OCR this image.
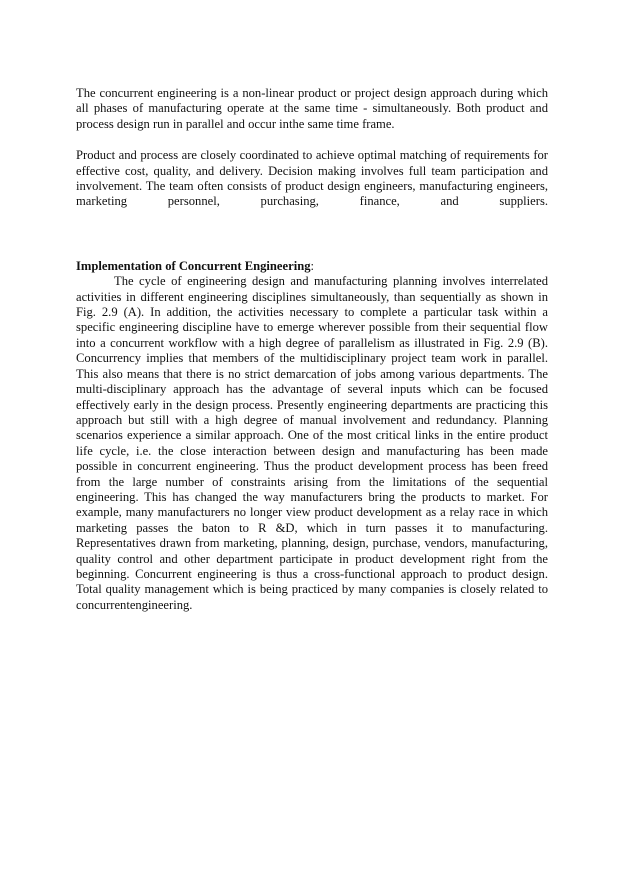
The concurrent engineering is a non-linear product or project design approach during which all phases of manufacturing operate at the same time - simultaneously. Both product and process design run in parallel and occur inthe same time frame.

Product and process are closely coordinated to achieve optimal matching of requirements for effective cost, quality, and delivery. Decision making involves full team participation and involvement. The team often consists of product design engineers, manufacturing engineers, marketing personnel, purchasing, finance, and suppliers.

Implementation of Concurrent Engineering:

The cycle of engineering design and manufacturing planning involves interrelated activities in different engineering disciplines simultaneously, than sequentially as shown in Fig. 2.9 (A). In addition, the activities necessary to complete a particular task within a specific engineering discipline have to emerge wherever possible from their sequential flow into a concurrent workflow with a high degree of parallelism as illustrated in Fig. 2.9 (B). Concurrency implies that members of the multidisciplinary project team work in parallel. This also means that there is no strict demarcation of jobs among various departments. The multi-disciplinary approach has the advantage of several inputs which can be focused effectively early in the design process. Presently engineering departments are practicing this approach but still with a high degree of manual involvement and redundancy. Planning scenarios experience a similar approach. One of the most critical links in the entire product life cycle, i.e. the close interaction between design and manufacturing has been made possible in concurrent engineering. Thus the product development process has been freed from the large number of constraints arising from the limitations of the sequential engineering. This has changed the way manufacturers bring the products to market. For example, many manufacturers no longer view product development as a relay race in which marketing passes the baton to R &D, which in turn passes it to manufacturing. Representatives drawn from marketing, planning, design, purchase, vendors, manufacturing, quality control and other department participate in product development right from the beginning. Concurrent engineering is thus a cross-functional approach to product design. Total quality management which is being practiced by many companies is closely related to concurrentengineering.
